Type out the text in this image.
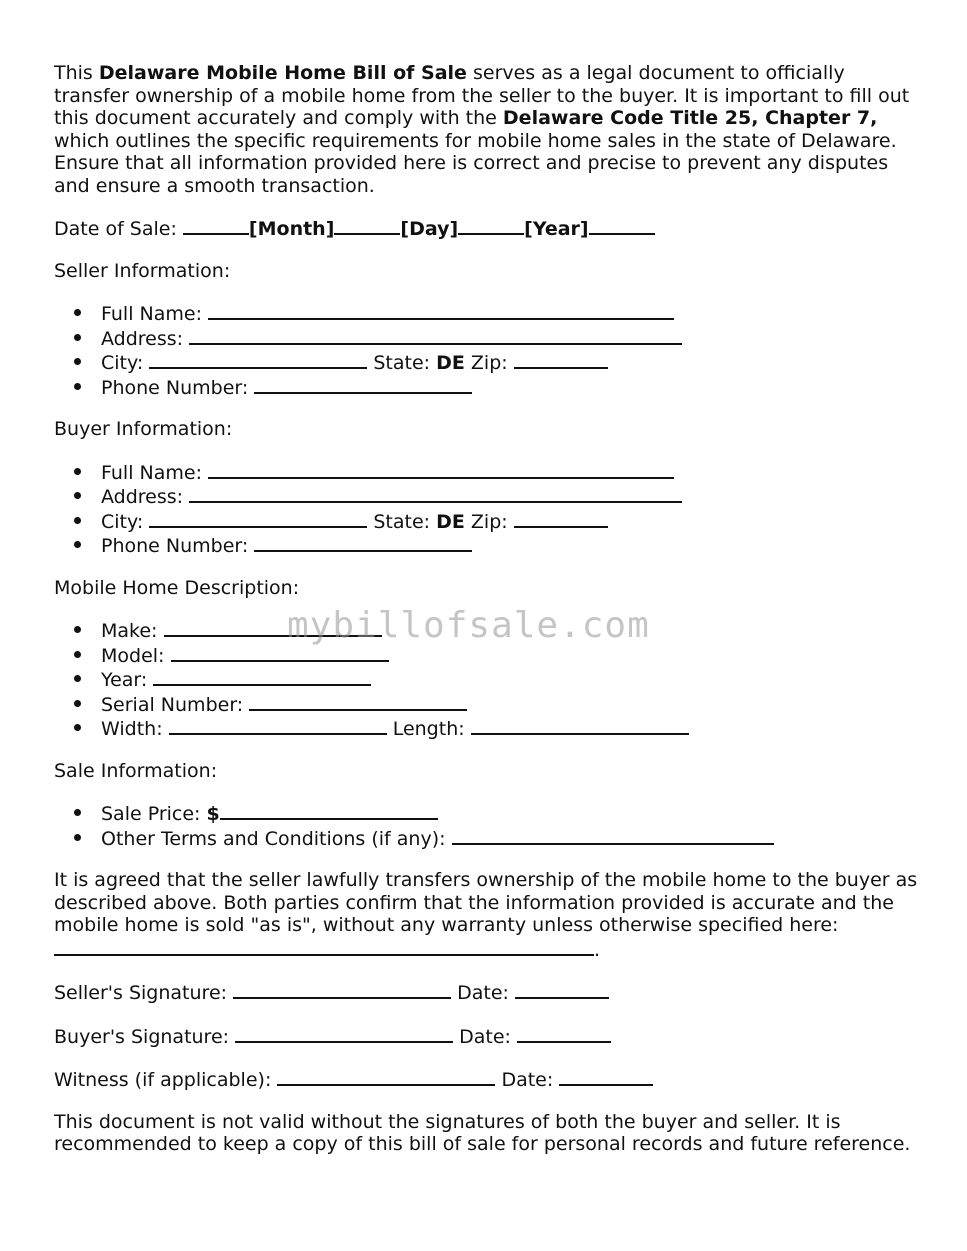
This Delaware Mobile Home Bill of Sale serves as a legal document to officially transfer ownership of a mobile home from the seller to the buyer. It is important to fill out this document accurately and comply with the Delaware Code Title 25, Chapter 7, which outlines the specific requirements for mobile home sales in the state of Delaware. Ensure that all information provided here is correct and precise to prevent any disputes and ensure a smooth transaction.

Date of Sale:	[Month]	[Day]	[Year]

Seller Information:

Full Name:
Address:
City:	State: DE Zip:
Phone Number:

Buyer Information:

Full Name:
Address:
City:	State: DE Zip:
Phone Number:

Mobile Home Description:

Make:
Model:
Year:
Serial Number:
Width:	Length:

Sale Information:

Sale Price: $
Other Terms and Conditions (if any):

It is agreed that the seller lawfully transfers ownership of the mobile home to the buyer as described above. Both parties confirm that the information provided is accurate and the mobile home is sold "as is", without any warranty unless otherwise specified here:
.

Seller's Signature:	Date:

Buyer's Signature:	Date:

Witness (if applicable):	Date:

This document is not valid without the signatures of both the buyer and seller. It is recommended to keep a copy of this bill of sale for personal records and future reference.

mybillofsale.com
